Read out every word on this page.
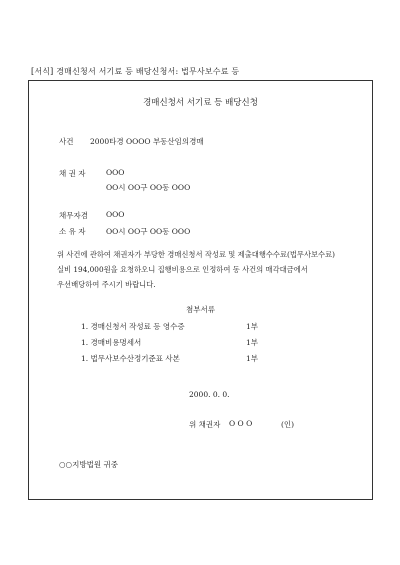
[서식] 경매신청서 서기료 등 배당신청서: 법무사보수료 등
경매신청서 서기료 등 배당신청
사건 2000타경 OOOO 부동산임의경매
채 권 자	OOO
OO시 OO구 OO동 OOO
채무자겸 OOO
소 유 자	OO시 OO구 OO동 OOO
위 사건에 관하여 채권자가 부당한 경매신청서 작성료 및 제출대행수수료(법무사보수료) 실비 194,000원을 요청하오니 집행비용으로 인정하여 동 사건의 매각대금에서 우선배당하여 주시기 바랍니다.
첨부서류
1. 경매신청서 작성료 등 영수증	1부
1. 경매비용명세서	1부
1. 법무사보수산정기준표 사본	1부
2000. 0. 0.
위 채권자 O O O	(인)
○○지방법원 귀중
